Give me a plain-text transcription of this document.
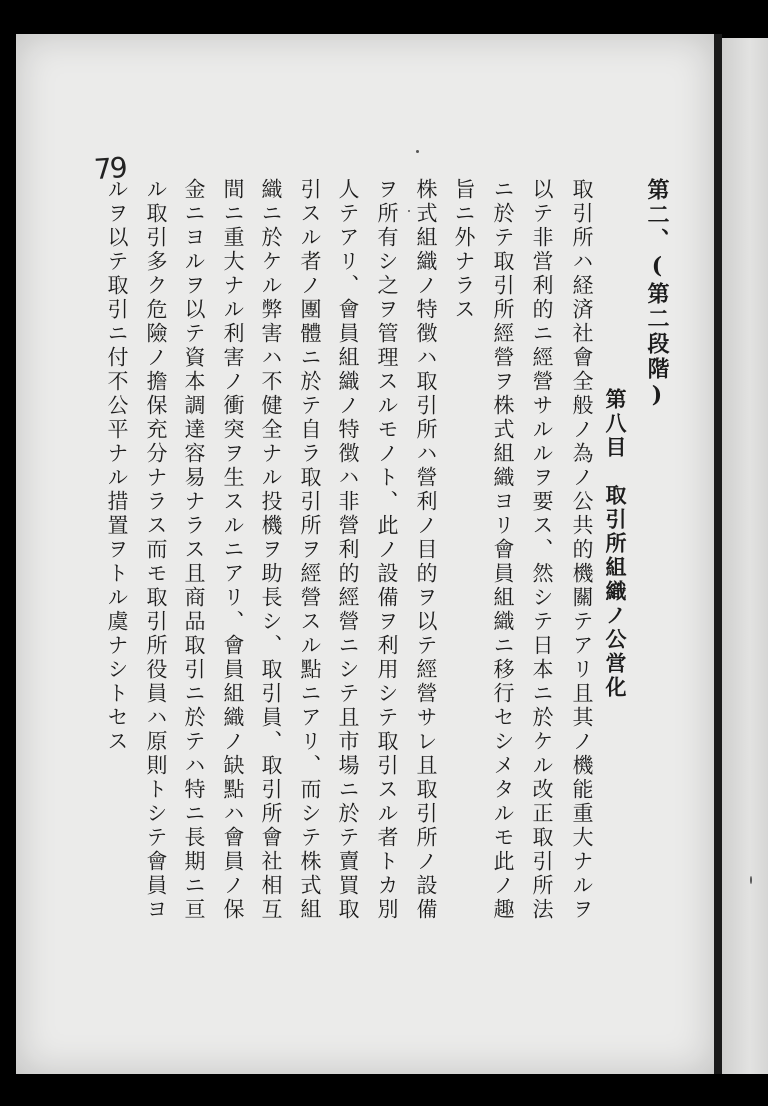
79
第二、(第二段階)
第八目　取引所組織ノ公営化
取引所ハ経済社會全般ノ為ノ公共的機關テアリ且其ノ機能重大ナルヲ
以テ非営利的ニ經營サルルヲ要ス、然シテ日本ニ於ケル改正取引所法
ニ於テ取引所經營ヲ株式組織ヨリ會員組織ニ移行セシメタルモ此ノ趣
旨ニ外ナラス
株式組織ノ特徴ハ取引所ハ營利ノ目的ヲ以テ經營サレ且取引所ノ設備
ヲ所有シ之ヲ管理スルモノト、此ノ設備ヲ利用シテ取引スル者トカ別
人テアリ、會員組織ノ特徴ハ非營利的經營ニシテ且市場ニ於テ賣買取
引スル者ノ團體ニ於テ自ラ取引所ヲ經營スル點ニアリ、而シテ株式組
織ニ於ケル弊害ハ不健全ナル投機ヲ助長シ、取引員、取引所會社相互
間ニ重大ナル利害ノ衝突ヲ生スルニアリ、會員組織ノ缺點ハ會員ノ保
金ニヨルヲ以テ資本調達容易ナラス且商品取引ニ於テハ特ニ長期ニ亘
ル取引多ク危險ノ擔保充分ナラス而モ取引所役員ハ原則トシテ會員ヨ
ルヲ以テ取引ニ付不公平ナル措置ヲトル虞ナシトセス
